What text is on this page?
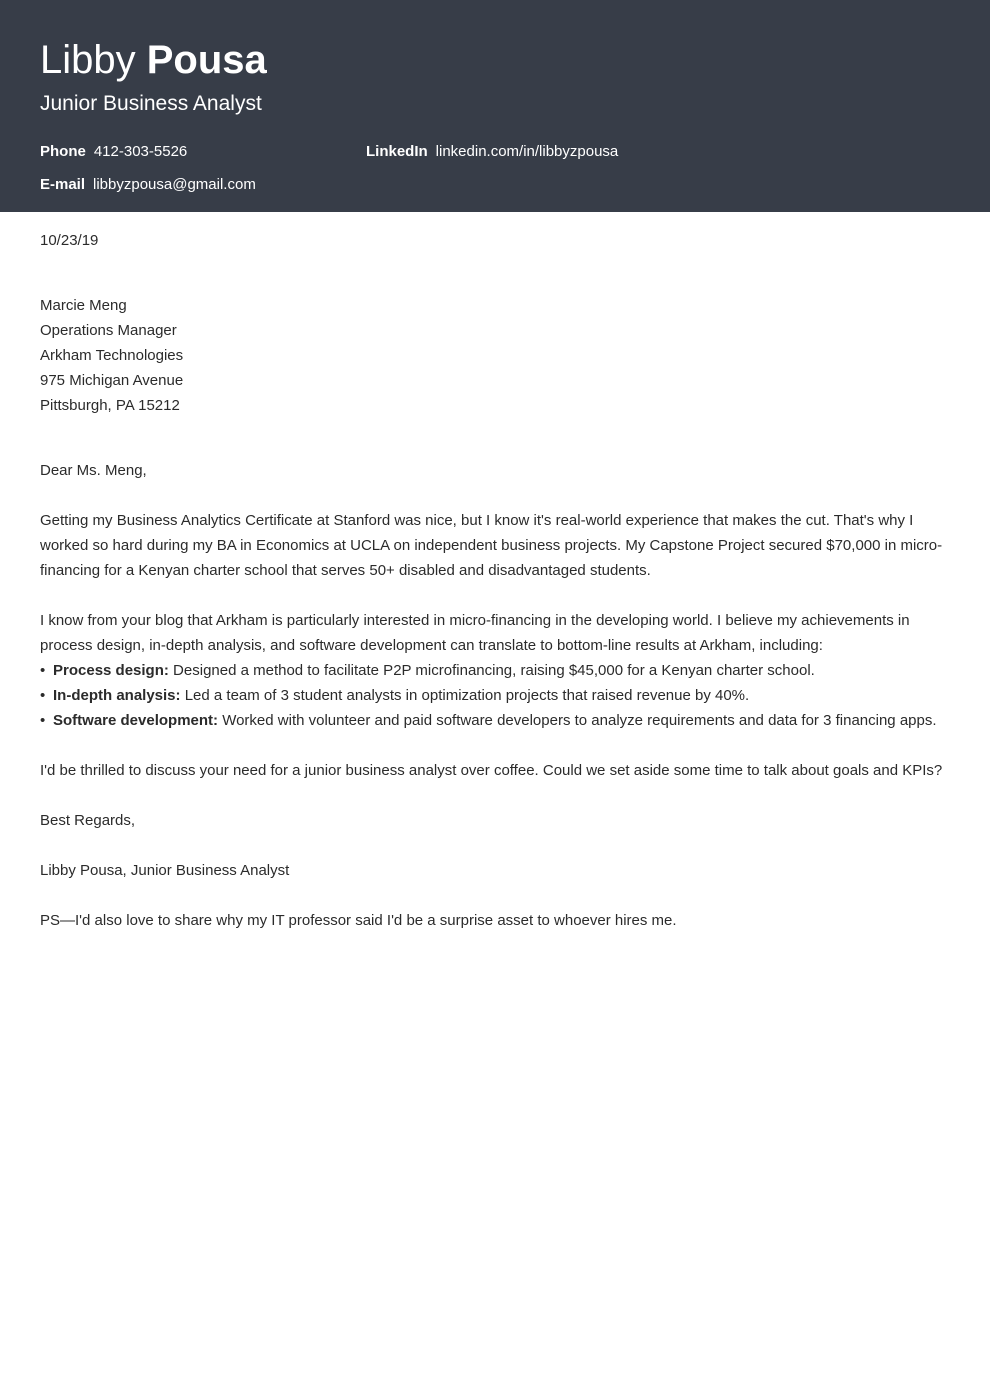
Libby Pousa
Junior Business Analyst
Phone 412-303-5526	LinkedIn linkedin.com/in/libbyzpousa
E-mail libbyzpousa@gmail.com

10/23/19

Marcie Meng
Operations Manager
Arkham Technologies
975 Michigan Avenue
Pittsburgh, PA 15212

Dear Ms. Meng,

Getting my Business Analytics Certificate at Stanford was nice, but I know it's real-world experience that makes the cut. That's why I worked so hard during my BA in Economics at UCLA on independent business projects. My Capstone Project secured $70,000 in micro-financing for a Kenyan charter school that serves 50+ disabled and disadvantaged students.

I know from your blog that Arkham is particularly interested in micro-financing in the developing world. I believe my achievements in process design, in-depth analysis, and software development can translate to bottom-line results at Arkham, including:

• Process design: Designed a method to facilitate P2P microfinancing, raising $45,000 for a Kenyan charter school.
• In-depth analysis: Led a team of 3 student analysts in optimization projects that raised revenue by 40%.
• Software development: Worked with volunteer and paid software developers to analyze requirements and data for 3 financing apps.

I'd be thrilled to discuss your need for a junior business analyst over coffee. Could we set aside some time to talk about goals and KPIs?

Best Regards,

Libby Pousa, Junior Business Analyst

PS—I'd also love to share why my IT professor said I'd be a surprise asset to whoever hires me.
